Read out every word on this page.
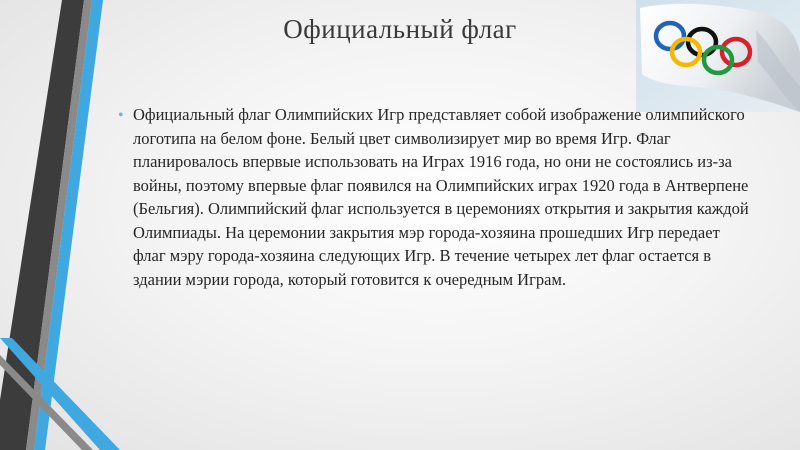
Официальный флаг
• Официальный флаг Олимпийских Игр представляет собой изображение олимпийского логотипа на белом фоне. Белый цвет символизирует мир во время Игр. Флаг планировалось впервые использовать на Играх 1916 года, но они не состоялись из-за войны, поэтому впервые флаг появился на Олимпийских играх 1920 года в Антверпене (Бельгия). Олимпийский флаг используется в церемониях открытия и закрытия каждой Олимпиады. На церемонии закрытия мэр города-хозяина прошедших Игр передает флаг мэру города-хозяина следующих Игр. В течение четырех лет флаг остается в здании мэрии города, который готовится к очередным Играм.
